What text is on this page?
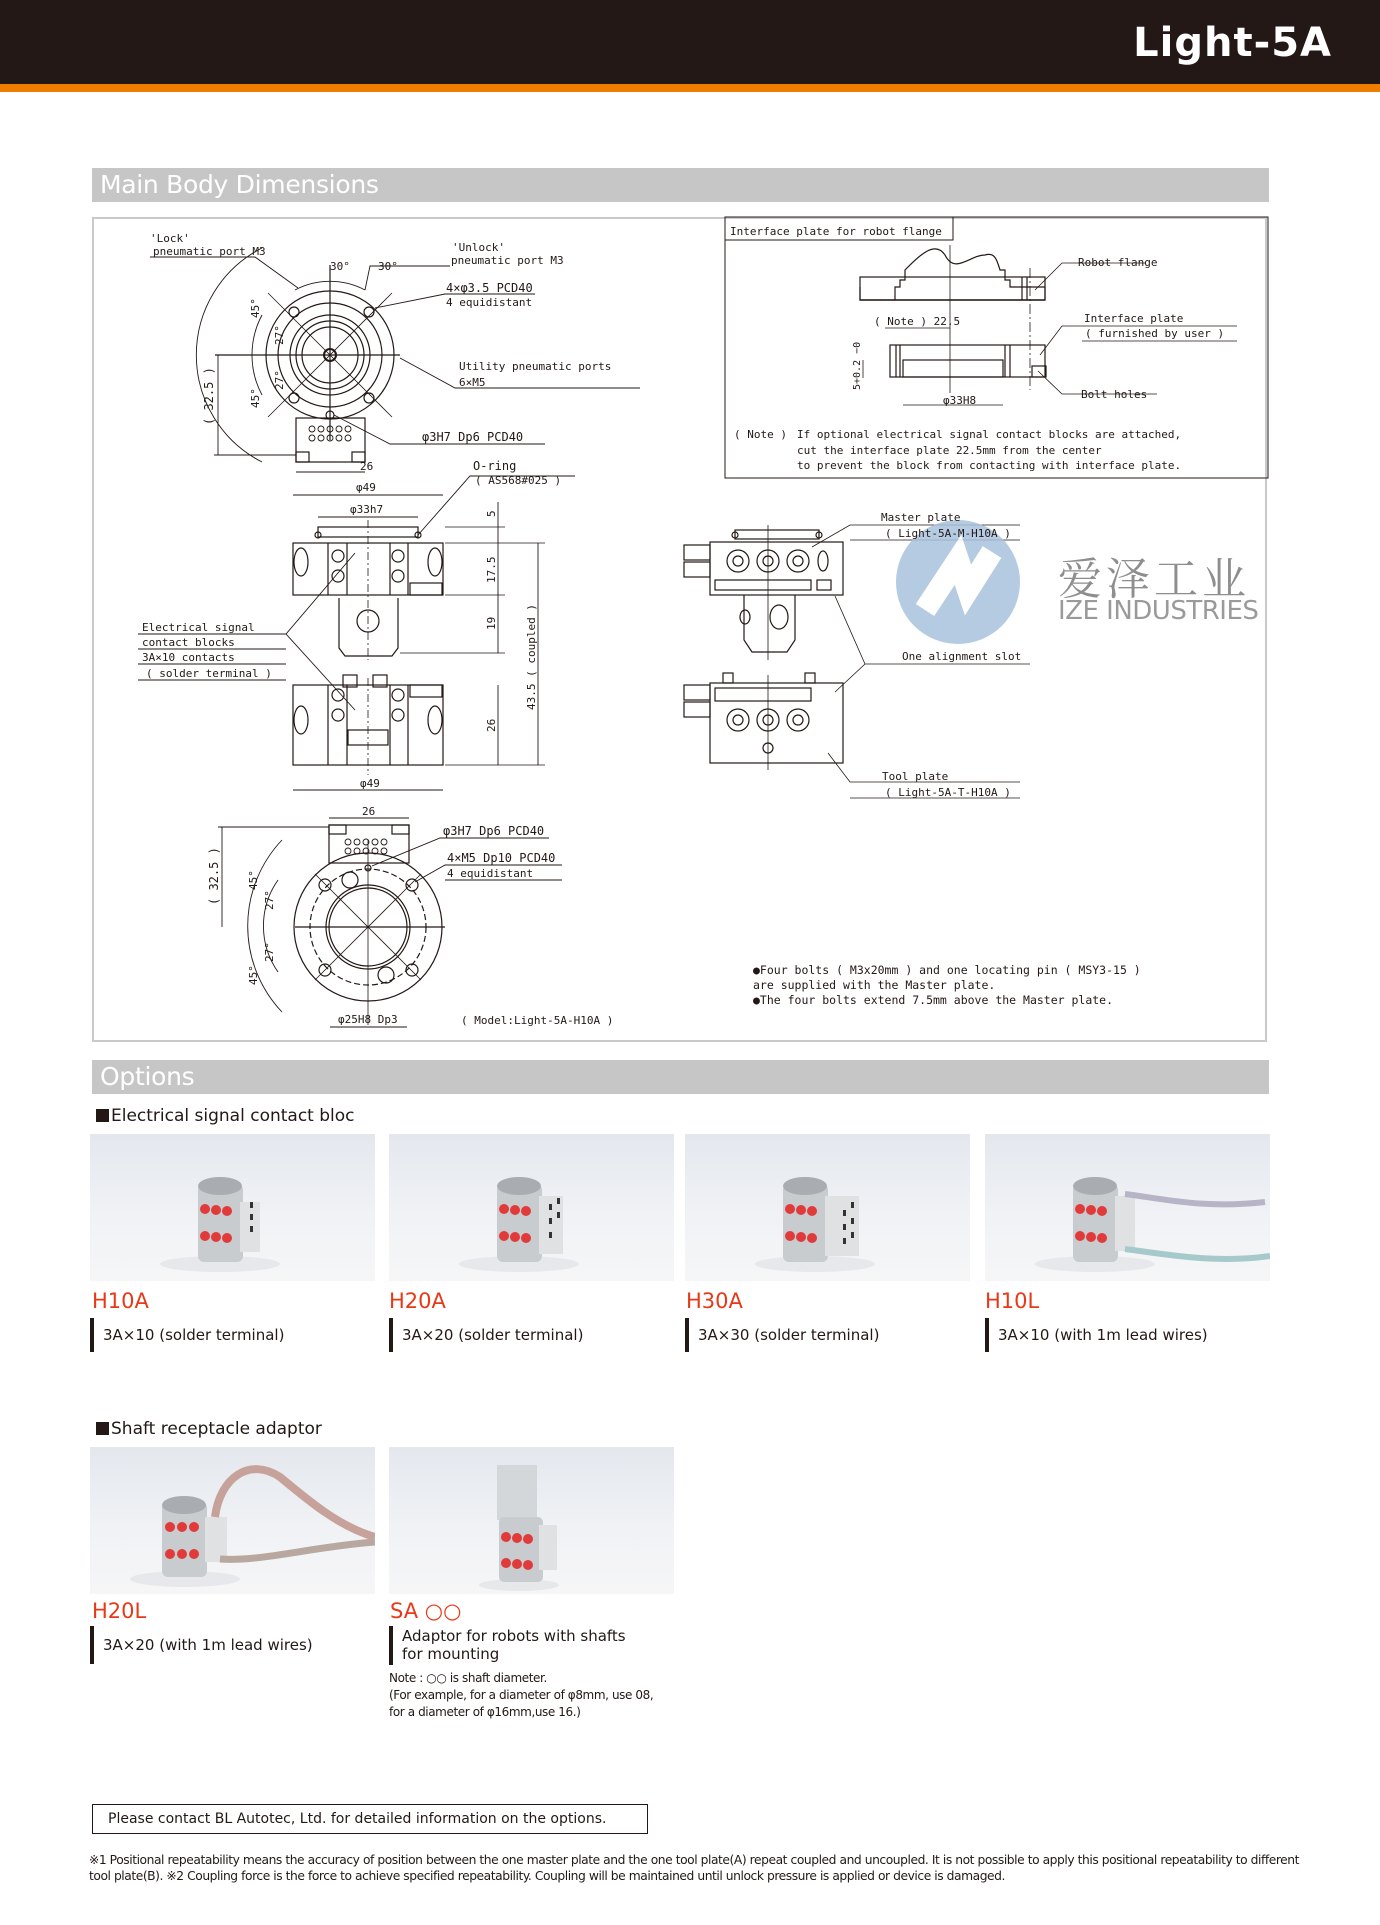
Light-5A
Main Body Dimensions
'Lock'
pneumatic port M3	'Unlock'
pneumatic port M3
30°	30°
4×φ3.5 PCD40
4 equidistant
Utility pneumatic ports
6×M5
φ3H7 Dp6 PCD40
26
45°
27°
27°
45°
( 32.5 )
O-ring
( AS568#025 )
φ49
φ33h7	5
17.5
19 43.5 ( coupled )
26
φ49
Electrical signal
contact blocks
3A×10 contacts
( solder terminal )
26
φ3H7 Dp6 PCD40
4×M5 Dp10 PCD40
4 equidistant
( 32.5 ) 45°
27°
27°
45°
φ25H8 Dp3	( Model:Light-5A-H10A )
Interface plate for robot flange
Robot flange
Interface plate
( furnished by user )
( Note ) 22.5
5+0.2 −0
φ33H8	Bolt holes
( Note ) If optional electrical signal contact blocks are attached,
cut the interface plate 22.5mm from the center
to prevent the block from contacting with interface plate.
Master plate
( Light-5A-M-H10A )
One alignment slot
Tool plate
( Light-5A-T-H10A )
●Four bolts ( M3x20mm ) and one locating pin ( MSY3-15 )
are supplied with the Master plate.
●The four bolts extend 7.5mm above the Master plate.
爱泽工业
IZE INDUSTRIES
Options
Electrical signal contact bloc
H10A
3A×10 (solder terminal)
H20A
3A×20 (solder terminal)
H30A
3A×30 (solder terminal)
H10L
3A×10 (with 1m lead wires)
Shaft receptacle adaptor
H20L
3A×20 (with 1m lead wires)
SA ○○
Adaptor for robots with shafts
for mounting
Note : ○○ is shaft diameter.
(For example, for a diameter of φ8mm, use 08,
for a diameter of φ16mm,use 16.)
Please contact BL Autotec, Ltd. for detailed information on the options.
※1 Positional repeatability means the accuracy of position between the one master plate and the one tool plate(A) repeat coupled and uncoupled. It is not possible to apply this positional repeatability to different
tool plate(B). ※2 Coupling force is the force to achieve specified repeatability. Coupling will be maintained until unlock pressure is applied or device is damaged.
